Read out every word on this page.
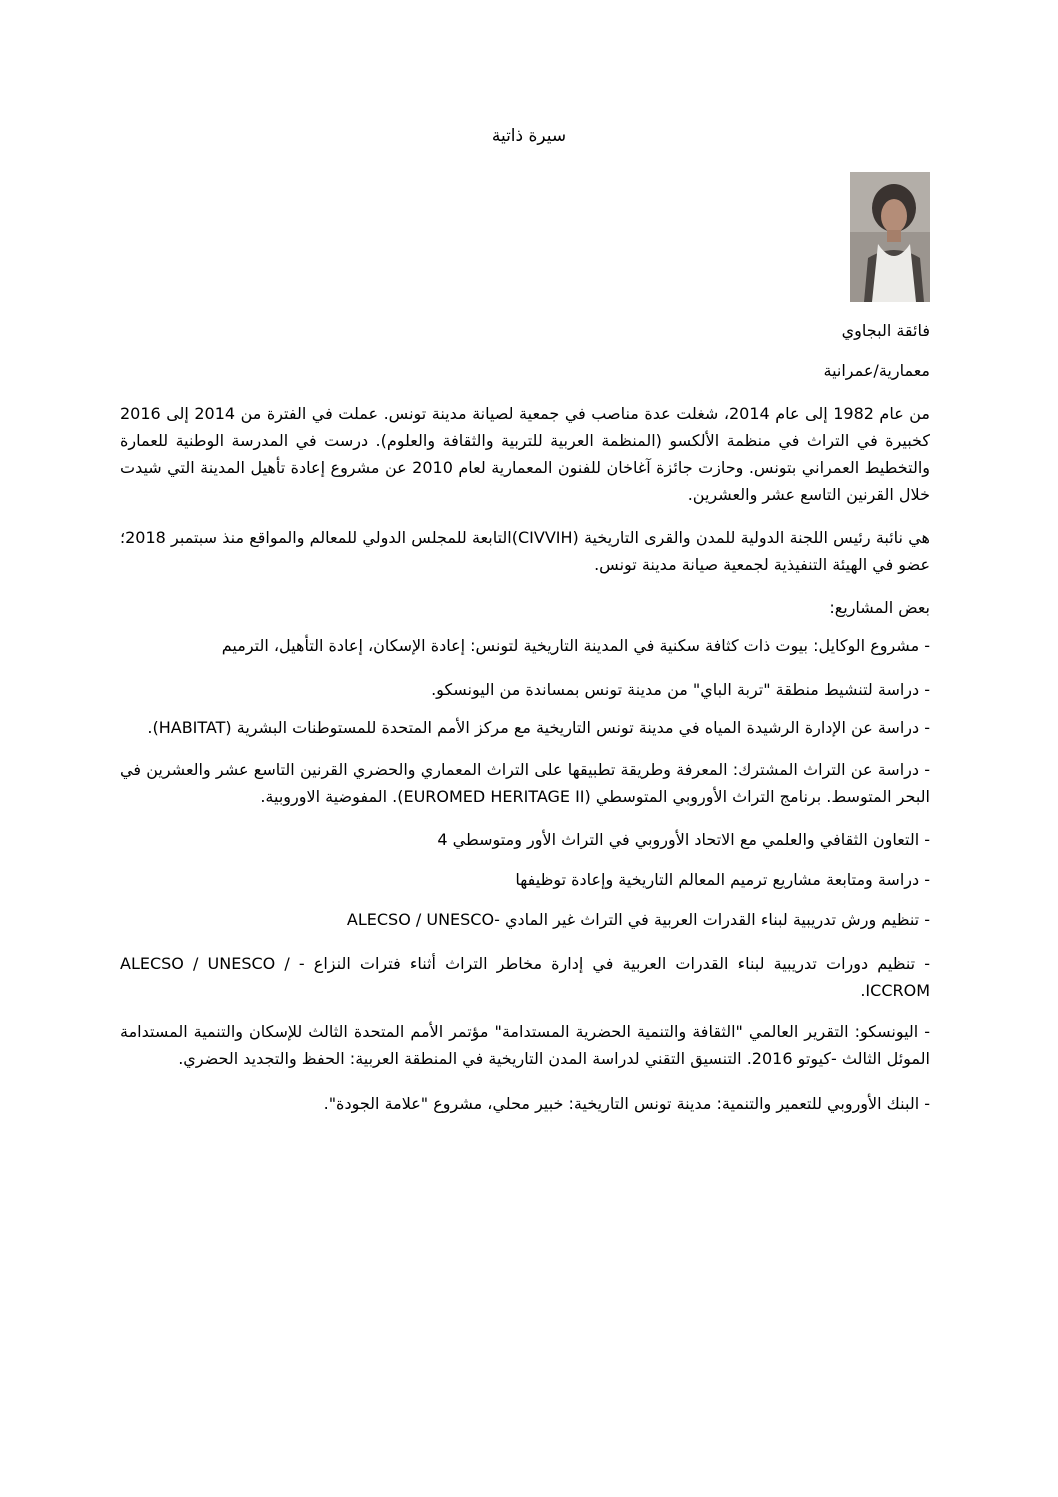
سيرة ذاتية

فائقة البجاوي

معمارية/عمرانية

من عام 1982 إلى عام 2014، شغلت عدة مناصب في جمعية لصيانة مدينة تونس. عملت في الفترة من 2014 إلى 2016 كخبيرة في التراث في منظمة الألكسو (المنظمة العربية للتربية والثقافة والعلوم). درست في المدرسة الوطنية للعمارة والتخطيط العمراني بتونس. وحازت جائزة آغاخان للفنون المعمارية لعام 2010 عن مشروع إعادة تأهيل المدينة التي شيدت خلال القرنين التاسع عشر والعشرين.

هي نائبة رئيس اللجنة الدولية للمدن والقرى التاريخية (CIVVIH)التابعة للمجلس الدولي للمعالم والمواقع منذ سبتمبر 2018؛ عضو في الهيئة التنفيذية لجمعية صيانة مدينة تونس.

بعض المشاريع:

- مشروع الوكايل: بيوت ذات كثافة سكنية في المدينة التاريخية لتونس: إعادة الإسكان، إعادة التأهيل، الترميم

- دراسة لتنشيط منطقة "تربة الباي" من مدينة تونس بمساندة من اليونسكو.

- دراسة عن الإدارة الرشيدة المياه في مدينة تونس التاريخية مع مركز الأمم المتحدة للمستوطنات البشرية (HABITAT).

- دراسة عن التراث المشترك: المعرفة وطريقة تطبيقها على التراث المعماري والحضري القرنين التاسع عشر والعشرين في البحر المتوسط. برنامج التراث الأوروبي المتوسطي (EUROMED HERITAGE II). المفوضية الاوروبية.

- التعاون الثقافي والعلمي مع الاتحاد الأوروبي في التراث الأور ومتوسطي 4

- دراسة ومتابعة مشاريع ترميم المعالم التاريخية وإعادة توظيفها

- تنظيم ورش تدريبية لبناء القدرات العربية في التراث غير المادي -ALECSO / UNESCO

- تنظيم دورات تدريبية لبناء القدرات العربية في إدارة مخاطر التراث أثناء فترات النزاع - ALECSO / UNESCO / ICCROM.

- اليونسكو: التقرير العالمي "الثقافة والتنمية الحضرية المستدامة" مؤتمر الأمم المتحدة الثالث للإسكان والتنمية المستدامة الموئل الثالث -كيوتو 2016. التنسيق التقني لدراسة المدن التاريخية في المنطقة العربية: الحفظ والتجديد الحضري.

- البنك الأوروبي للتعمير والتنمية: مدينة تونس التاريخية: خبير محلي، مشروع "علامة الجودة".
